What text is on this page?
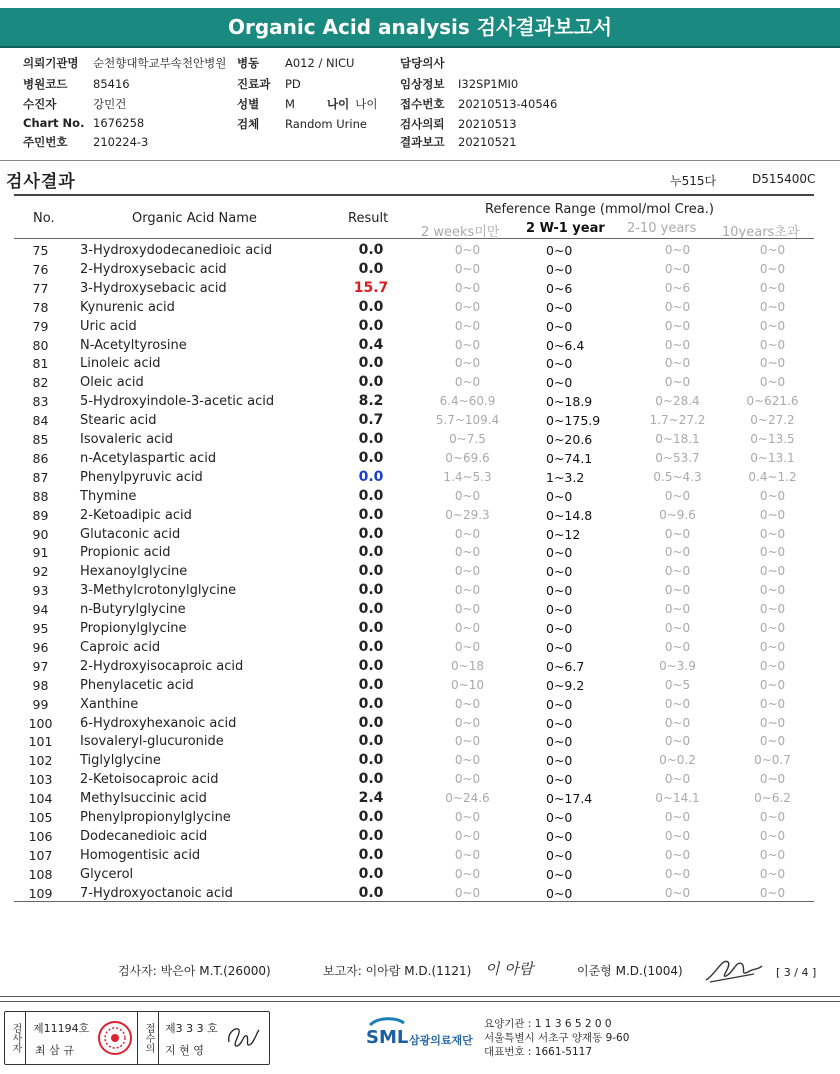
Organic Acid analysis 검사결과보고서
의뢰기관명 순천향대학교부속천안병원
병원코드 85416
수진자	강민건
Chart No. 1676258
주민번호 210224-3
병동 A012 / NICU
진료과 PD
성별 M
검체 Random Urine
담당의사
임상정보 I32SP1MI0
접수번호 20210513-40546
검사의뢰 20210513
결과보고 20210521
나이 나이
검사결과	누515다	D515400C
No.	Organic Acid Name	Result
Reference Range (mmol/mol Crea.)
2 weeks미만 2 W-1 year 2-10 years 10years초과
75	3-Hydroxydodecanedioic acid	0.0	0~0	0~0	0~0	0~0
76	2-Hydroxysebacic acid	0.0	0~0	0~0	0~0	0~0
77	3-Hydroxysebacic acid	15.7	0~0	0~6	0~6	0~0
78	Kynurenic acid	0.0	0~0	0~0	0~0	0~0
79	Uric acid	0.0	0~0	0~0	0~0	0~0
80	N-Acetyltyrosine	0.4	0~0	0~6.4	0~0	0~0
81	Linoleic acid	0.0	0~0	0~0	0~0	0~0
82	Oleic acid	0.0	0~0	0~0	0~0	0~0
83	5-Hydroxyindole-3-acetic acid	8.2	6.4~60.9	0~18.9	0~28.4	0~621.6
84	Stearic acid	0.7	5.7~109.4	0~175.9	1.7~27.2	0~27.2
85	Isovaleric acid	0.0	0~7.5	0~20.6	0~18.1	0~13.5
86	n-Acetylaspartic acid	0.0	0~69.6	0~74.1	0~53.7	0~13.1
87	Phenylpyruvic acid	0.0	1.4~5.3	1~3.2	0.5~4.3	0.4~1.2
88	Thymine	0.0	0~0	0~0	0~0	0~0
89	2-Ketoadipic acid	0.0	0~29.3	0~14.8	0~9.6	0~0
90	Glutaconic acid	0.0	0~0	0~12	0~0	0~0
91	Propionic acid	0.0	0~0	0~0	0~0	0~0
92	Hexanoylglycine	0.0	0~0	0~0	0~0	0~0
93	3-Methylcrotonylglycine	0.0	0~0	0~0	0~0	0~0
94	n-Butyrylglycine	0.0	0~0	0~0	0~0	0~0
95	Propionylglycine	0.0	0~0	0~0	0~0	0~0
96	Caproic acid	0.0	0~0	0~0	0~0	0~0
97	2-Hydroxyisocaproic acid	0.0	0~18	0~6.7	0~3.9	0~0
98	Phenylacetic acid	0.0	0~10	0~9.2	0~5	0~0
99	Xanthine	0.0	0~0	0~0	0~0	0~0
100	6-Hydroxyhexanoic acid	0.0	0~0	0~0	0~0	0~0
101	Isovaleryl-glucuronide	0.0	0~0	0~0	0~0	0~0
102	Tiglylglycine	0.0	0~0	0~0	0~0.2	0~0.7
103	2-Ketoisocaproic acid	0.0	0~0	0~0	0~0	0~0
104	Methylsuccinic acid	2.4	0~24.6	0~17.4	0~14.1	0~6.2
105	Phenylpropionylglycine	0.0	0~0	0~0	0~0	0~0
106	Dodecanedioic acid	0.0	0~0	0~0	0~0	0~0
107	Homogentisic acid	0.0	0~0	0~0	0~0	0~0
108	Glycerol	0.0	0~0	0~0	0~0	0~0
109	7-Hydroxyoctanoic acid	0.0	0~0	0~0	0~0	0~0
검사자: 박은아 M.T.(26000)	보고자: 이아람 M.D.(1121) 이 아람	이준형 M.D.(1004)	[ 3 / 4 ]
검사자	제11194호
최 삼 규	접수의	제3 3 3 호
지 현 영
SML 삼광의료재단
요양기관 : 1 1 3 6 5 2 0 0
서울특별시 서초구 양재동 9-60
대표번호 : 1661-5117
